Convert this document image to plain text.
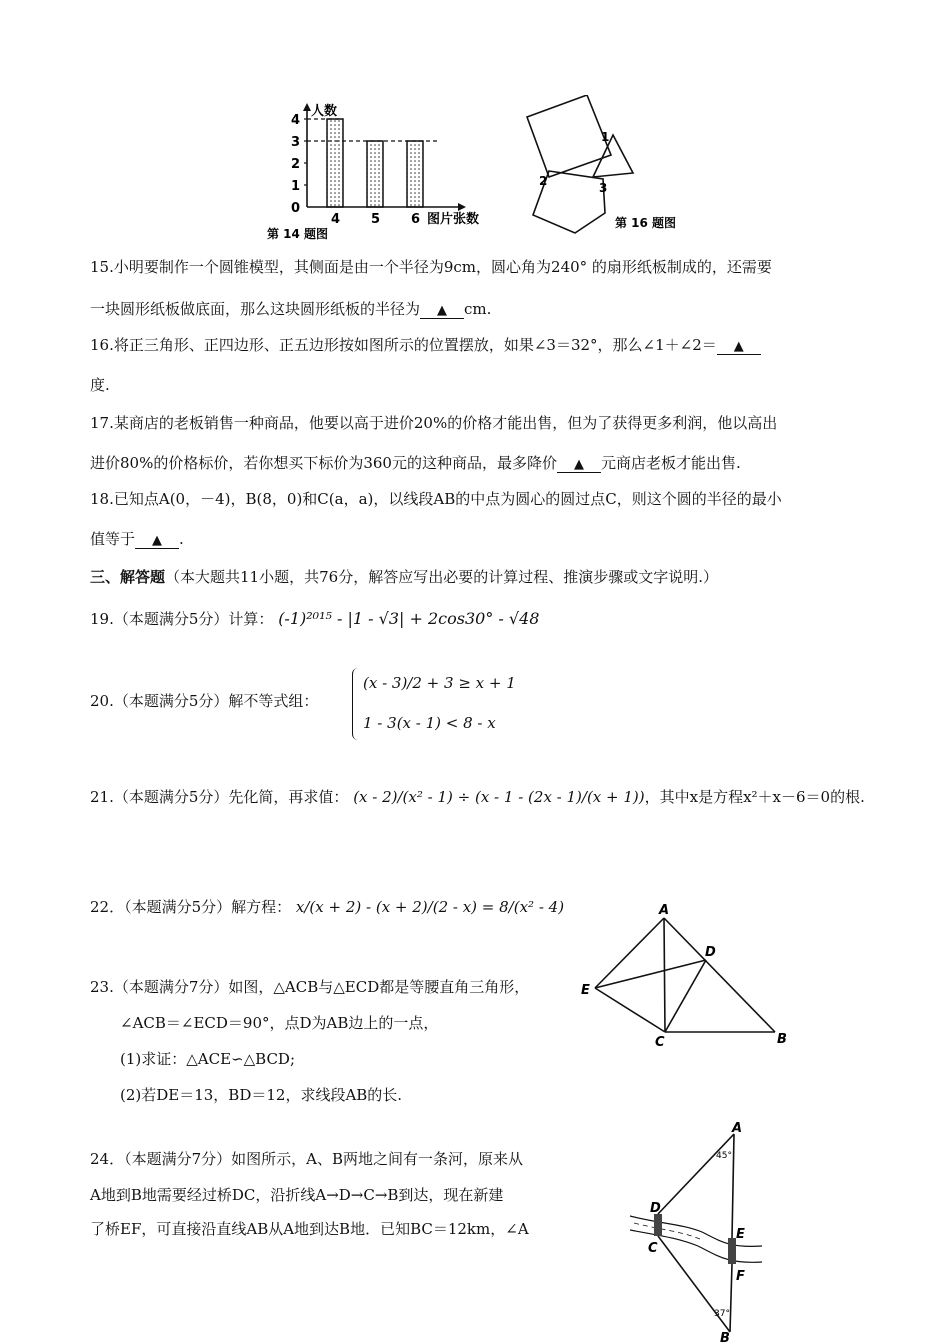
0
1
2
3
4
4 5 6
人数
图片张数
第 14 题图
1
2	3
第 16 题图
15.小明要制作一个圆锥模型，其侧面是由一个半径为9cm，圆心角为240° 的扇形纸板制成的，还需要
一块圆形纸板做底面，那么这块圆形纸板的半径为 ▲ cm.
16.将正三角形、正四边形、正五边形按如图所示的位置摆放，如果∠3＝32°，那么∠1＋∠2＝ ▲
度.
17.某商店的老板销售一种商品，他要以高于进价20%的价格才能出售，但为了获得更多利润，他以高出
进价80%的价格标价，若你想买下标价为360元的这种商品，最多降价 ▲ 元商店老板才能出售.
18.已知点A(0，－4)，B(8，0)和C(a，a)，以线段AB的中点为圆心的圆过点C，则这个圆的半径的最小
值等于 ▲ .
三、解答题（本大题共11小题，共76分，解答应写出必要的计算过程、推演步骤或文字说明.）
19.（本题满分5分）计算： (-1)²⁰¹⁵ - |1 - √3| + 2cos30° - √48
20.（本题满分5分）解不等式组：
(x - 3)/2 + 3 ≥ x + 1
1 - 3(x - 1) < 8 - x
21.（本题满分5分）先化简，再求值： (x - 2)/(x² - 1) ÷ (x - 1 - (2x - 1)/(x + 1))，其中x是方程x²＋x－6＝0的根.
22．（本题满分5分）解方程： x/(x + 2) - (x + 2)/(2 - x) = 8/(x² - 4)
23.（本题满分7分）如图，△ACB与△ECD都是等腰直角三角形，
∠ACB＝∠ECD＝90°，点D为AB边上的一点，
(1)求证：△ACE∽△BCD;
(2)若DE＝13，BD＝12，求线段AB的长.
A
D
E
C	B
24．（本题满分7分）如图所示，A、B两地之间有一条河，原来从
A地到B地需要经过桥DC，沿折线A→D→C→B到达，现在新建
了桥EF，可直接沿直线AB从A地到达B地．已知BC＝12km，∠A
A
D
C
E
F
B
45°
37°
